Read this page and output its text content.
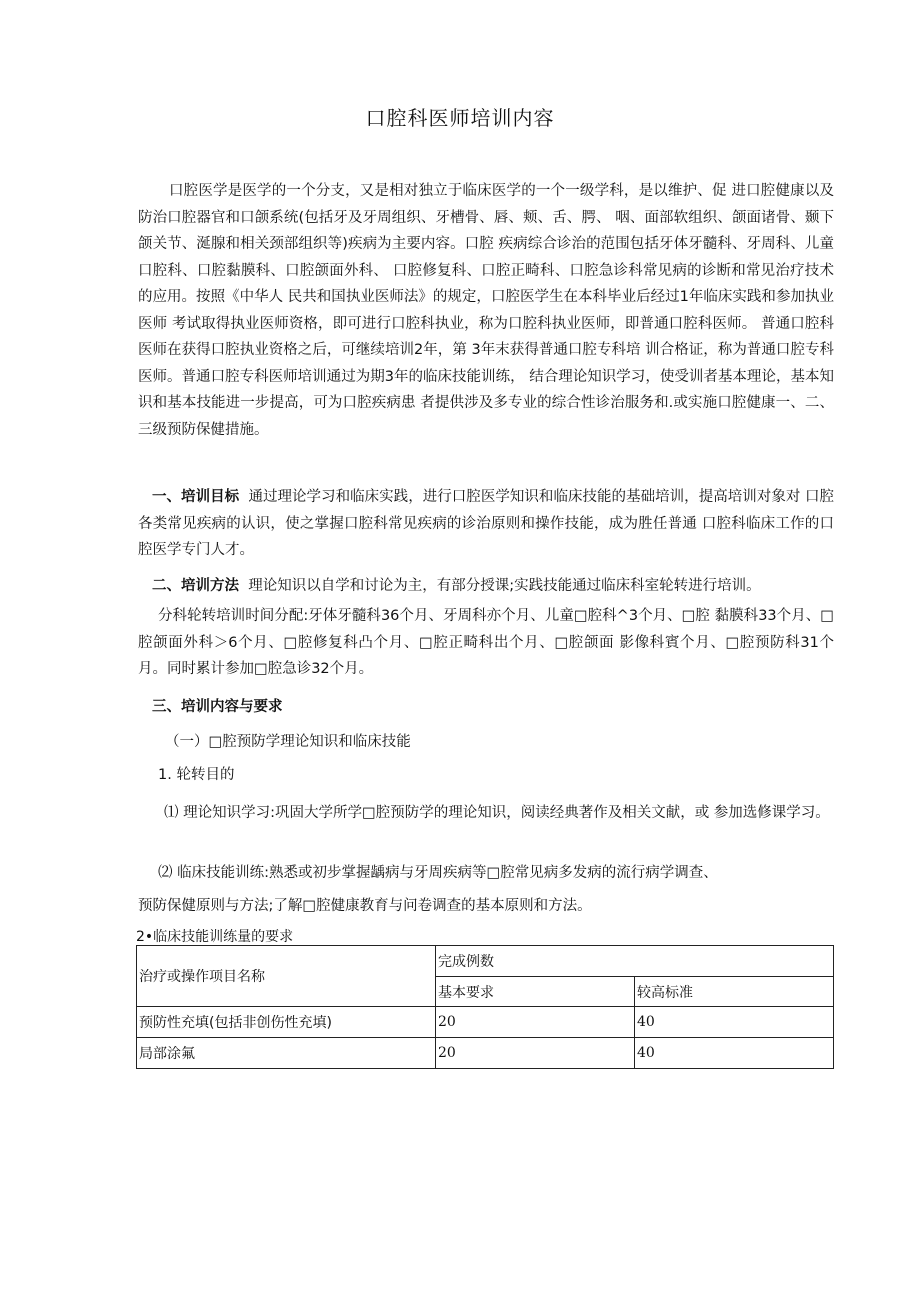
口腔科医师培训内容
口腔医学是医学的一个分支，又是相对独立于临床医学的一个一级学科，是以维护、促 进口腔健康以及防治口腔器官和口颌系统(包括牙及牙周组织、牙槽骨、唇、颊、舌、腭、 咽、面部软组织、颌面诸骨、颞下颌关节、涎腺和相关颈部组织等)疾病为主要内容。口腔 疾病综合诊治的范围包括牙体牙髓科、牙周科、儿童口腔科、口腔黏膜科、口腔颌面外科、 口腔修复科、口腔正畸科、口腔急诊科常见病的诊断和常见治疗技术的应用。按照《中华人 民共和国执业医师法》的规定，口腔医学生在本科毕业后经过1年临床实践和参加执业医师 考试取得执业医师资格，即可进行口腔科执业，称为口腔科执业医师，即普通口腔科医师。 普通口腔科医师在获得口腔执业资格之后，可继续培训2年，第 3年末获得普通口腔专科培 训合格证，称为普通口腔专科医师。普通口腔专科医师培训通过为期3年的临床技能训练， 结合理论知识学习，使受训者基本理论，基本知识和基本技能进一步提高，可为口腔疾病患 者提供涉及多专业的综合性诊治服务和.或实施口腔健康一、二、三级预防保健措施。
一、培训目标 通过理论学习和临床实践，进行口腔医学知识和临床技能的基础培训，提高培训对象对 口腔各类常见疾病的认识，使之掌握口腔科常见疾病的诊治原则和操作技能，成为胜任普通 口腔科临床工作的口腔医学专门人才。
二、培训方法 理论知识以自学和讨论为主，有部分授课;实践技能通过临床科室轮转进行培训。
分科轮转培训时间分配:牙体牙髓科36个月、牙周科亦个月、儿童□腔科^3个月、□腔 黏膜科33个月、□腔颌面外科＞6个月、□腔修复科凸个月、□腔正畸科岀个月、□腔颌面 影像科賓个月、□腔预防科31个月。同时累计参加□腔急诊32个月。
三、培训内容与要求
（一）□腔预防学理论知识和临床技能
1. 轮转目的
⑴ 理论知识学习:巩固大学所学□腔预防学的理论知识，阅读经典著作及相关文献，或 参加选修课学习。
⑵ 临床技能训练:熟悉或初步掌握龋病与牙周疾病等□腔常见病多发病的流行病学调查、
预防保健原则与方法;了解□腔健康教育与问卷调查的基本原则和方法。
2•临床技能训练量的要求
治疗或操作项目名称	完成例数	
	基本要求	较高标准
预防性充填(包括非创伤性充填)	20	40
局部涂氟	20	40
